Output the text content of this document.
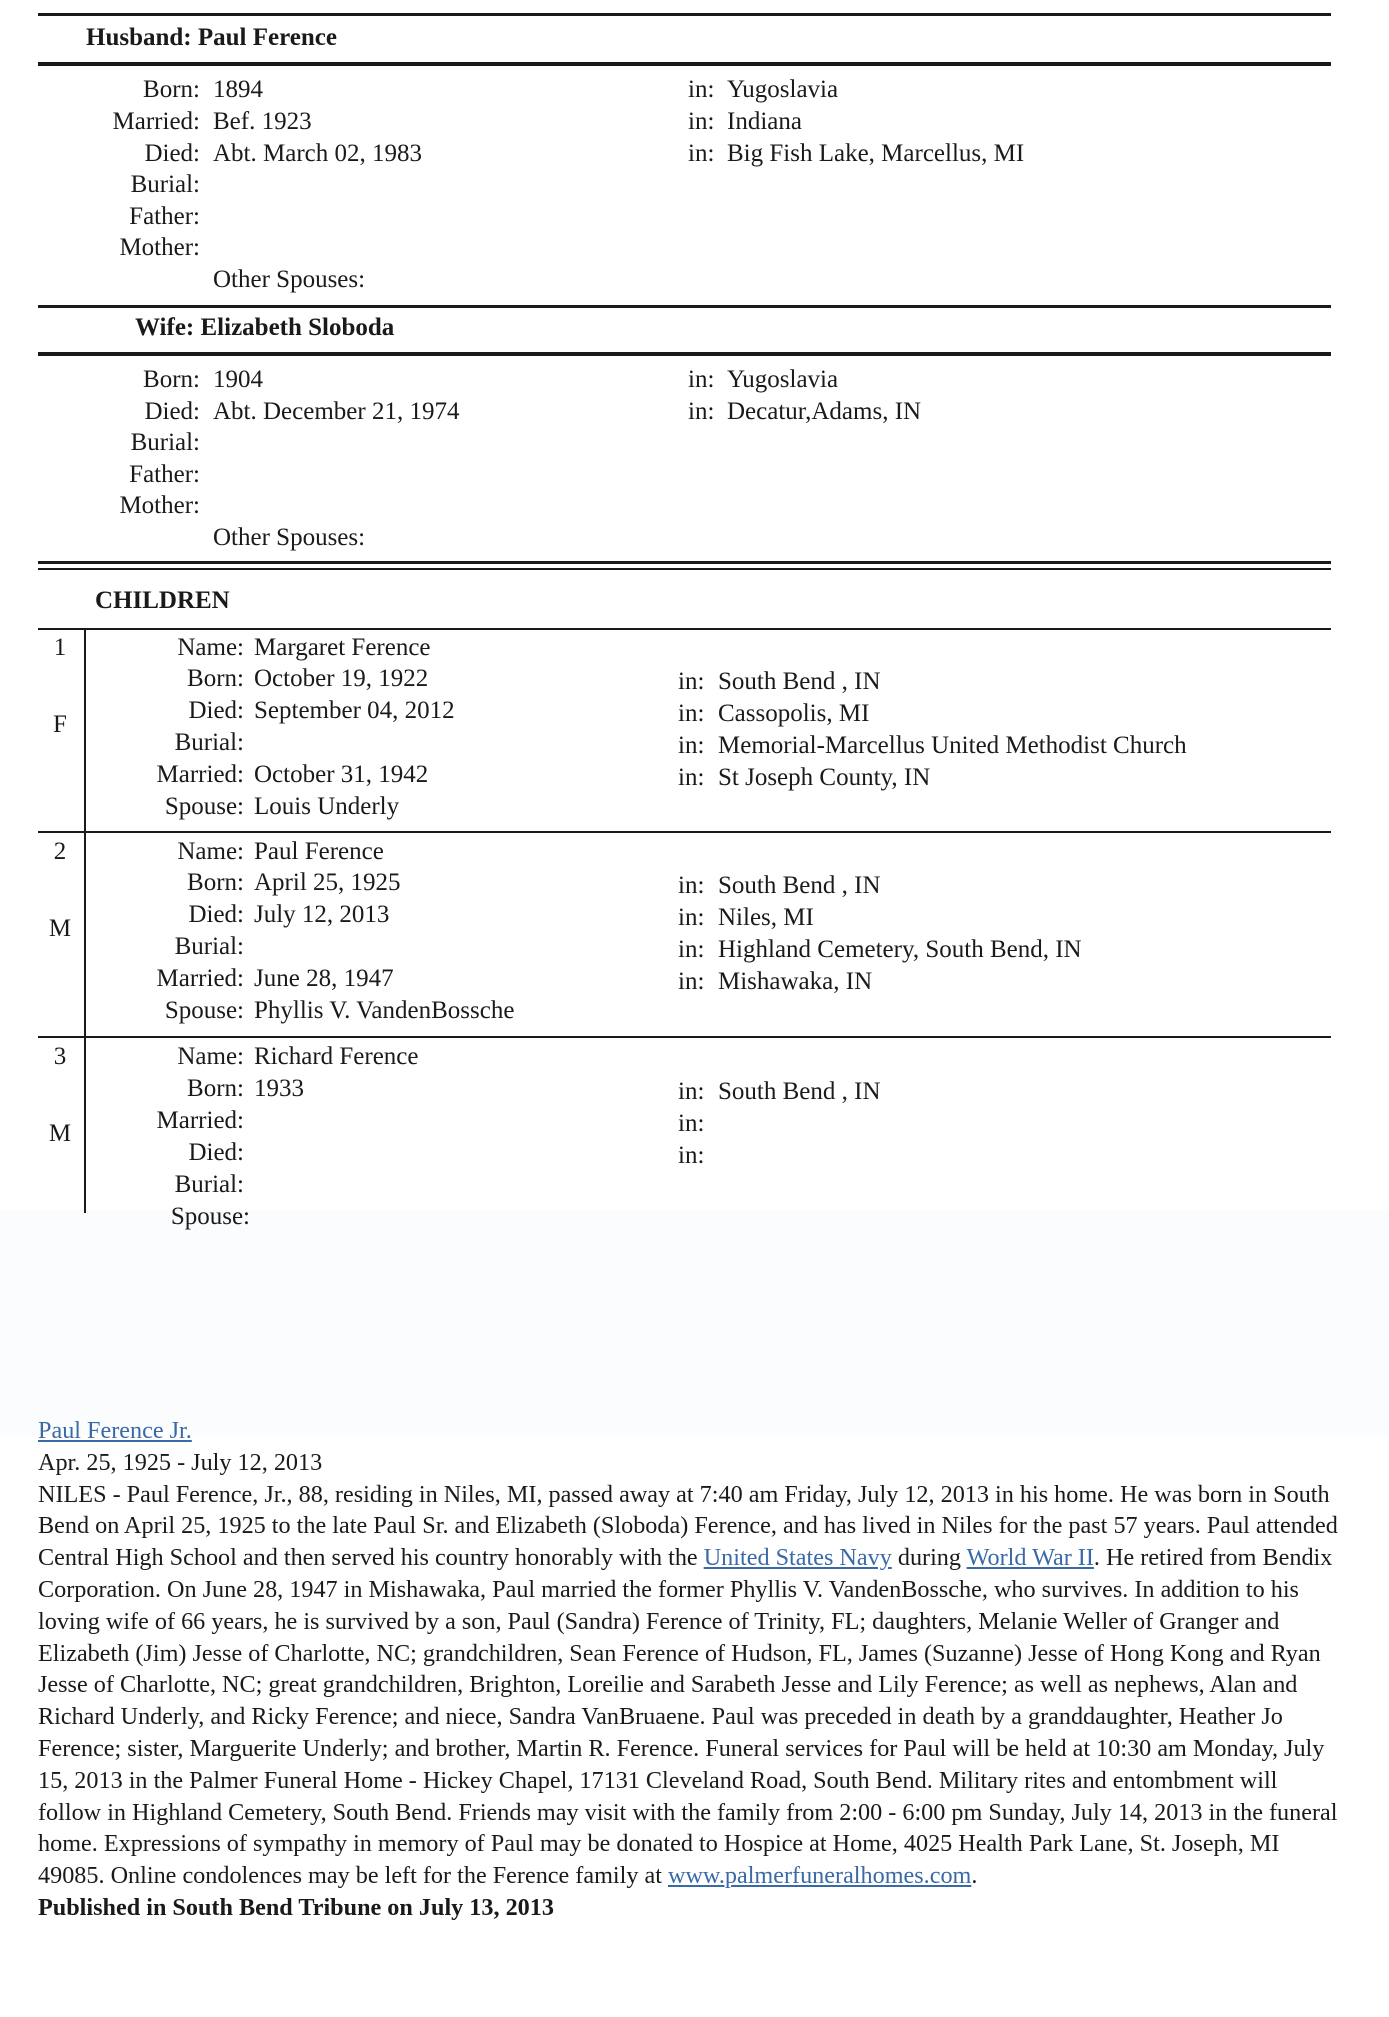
Husband: Paul Ference
Born: 1894	in: Yugoslavia
Married: Bef. 1923	in: Indiana
Died: Abt. March 02, 1983	in: Big Fish Lake, Marcellus, MI
Burial:
Father:
Mother:
Other Spouses:
Wife: Elizabeth Sloboda
Born: 1904	in: Yugoslavia
Died: Abt. December 21, 1974	in: Decatur,Adams, IN
Burial:
Father:
Mother:
Other Spouses:
CHILDREN
1
F
Name: Margaret Ference
Born: October 19, 1922	in: South Bend , IN
Died: September 04, 2012	in: Cassopolis, MI
Burial:	in: Memorial-Marcellus United Methodist Church
Married: October 31, 1942	in: St Joseph County, IN
Spouse: Louis Underly
2
M
Name: Paul Ference
Born: April 25, 1925	in: South Bend , IN
Died: July 12, 2013	in: Niles, MI
Burial:	in: Highland Cemetery, South Bend, IN
Married: June 28, 1947	in: Mishawaka, IN
Spouse: Phyllis V. VandenBossche
3
M
Name: Richard Ference
Born: 1933	in: South Bend , IN
Married:	in:
Died:	in:
Burial:
Spouse:

Paul Ference Jr.

Apr. 25, 1925 - July 12, 2013

NILES - Paul Ference, Jr., 88, residing in Niles, MI, passed away at 7:40 am Friday, July 12, 2013 in his home. He was born in South Bend on April 25, 1925 to the late Paul Sr. and Elizabeth (Sloboda) Ference, and has lived in Niles for the past 57 years. Paul attended Central High School and then served his country honorably with the United States Navy during World War II. He retired from Bendix Corporation. On June 28, 1947 in Mishawaka, Paul married the former Phyllis V. VandenBossche, who survives. In addition to his loving wife of 66 years, he is survived by a son, Paul (Sandra) Ference of Trinity, FL; daughters, Melanie Weller of Granger and Elizabeth (Jim) Jesse of Charlotte, NC; grandchildren, Sean Ference of Hudson, FL, James (Suzanne) Jesse of Hong Kong and Ryan Jesse of Charlotte, NC; great grandchildren, Brighton, Loreilie and Sarabeth Jesse and Lily Ference; as well as nephews, Alan and Richard Underly, and Ricky Ference; and niece, Sandra VanBruaene. Paul was preceded in death by a granddaughter, Heather Jo Ference; sister, Marguerite Underly; and brother, Martin R. Ference. Funeral services for Paul will be held at 10:30 am Monday, July 15, 2013 in the Palmer Funeral Home - Hickey Chapel, 17131 Cleveland Road, South Bend. Military rites and entombment will follow in Highland Cemetery, South Bend. Friends may visit with the family from 2:00 - 6:00 pm Sunday, July 14, 2013 in the funeral home. Expressions of sympathy in memory of Paul may be donated to Hospice at Home, 4025 Health Park Lane, St. Joseph, MI 49085. Online condolences may be left for the Ference family at www.palmerfuneralhomes.com.

Published in South Bend Tribune on July 13, 2013
